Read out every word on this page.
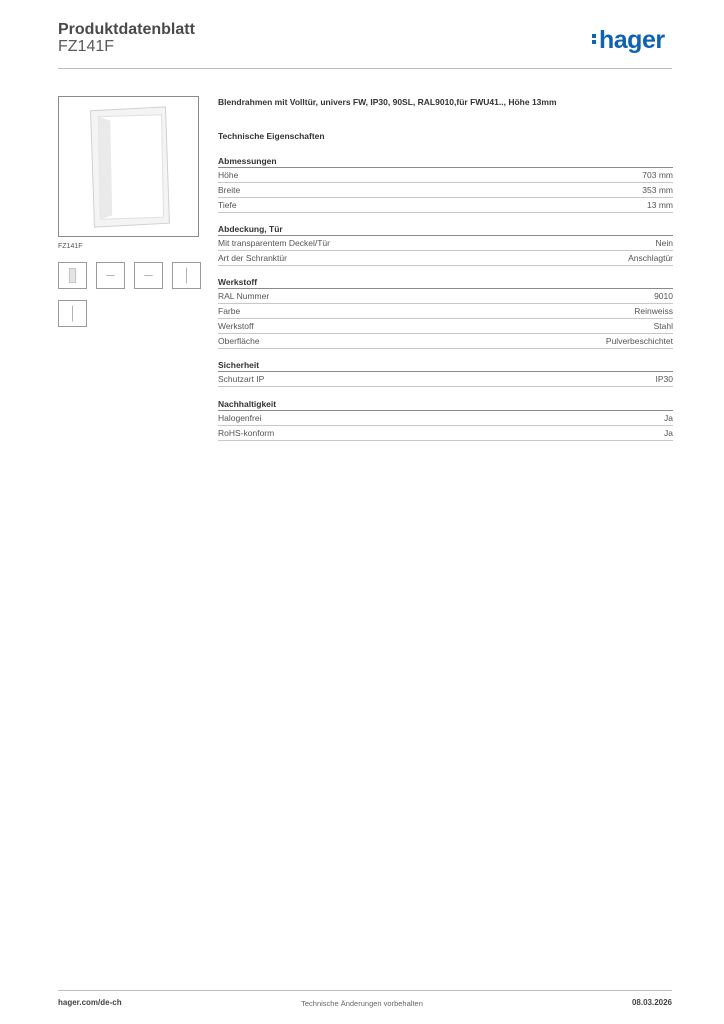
Produktdatenblatt
FZ141F	hager
FZ141F
Blendrahmen mit Volltür, univers FW, IP30, 90SL, RAL9010,für FWU41.., Höhe 13mm
Technische Eigenschaften
Abmessungen
Höhe	703 mm
Breite	353 mm
Tiefe	13 mm
Abdeckung, Tür
Mit transparentem Deckel/Tür	Nein
Art der Schranktür	Anschlagtür
Werkstoff
RAL Nummer	9010
Farbe	Reinweiss
Werkstoff	Stahl
Oberfläche	Pulverbeschichtet
Sicherheit
Schutzart IP	IP30
Nachhaltigkeit
Halogenfrei	Ja
RoHS-konform	Ja
hager.com/de-ch	Technische Änderungen vorbehalten	08.03.2026
